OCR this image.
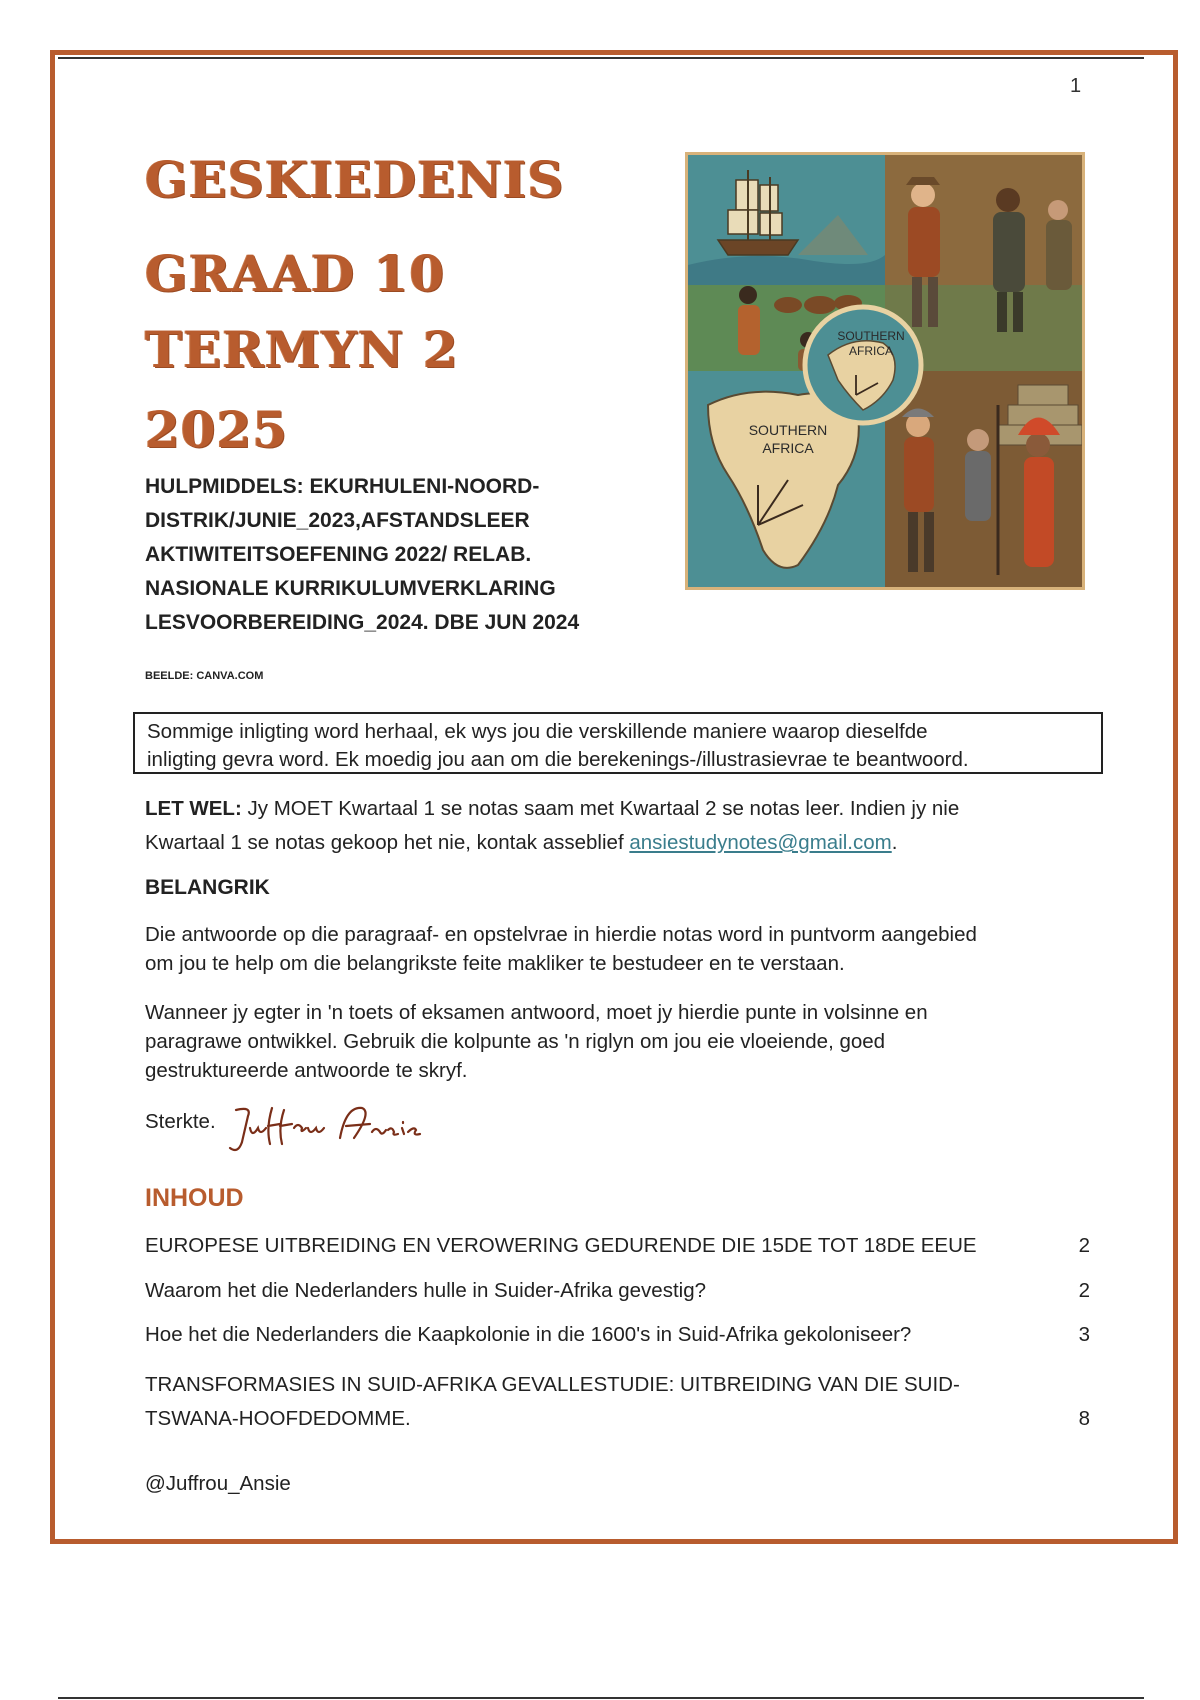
1
GESKIEDENIS
GRAAD 10
TERMYN 2
2025
HULPMIDDELS: EKURHULENI-NOORD-
DISTRIK/JUNIE_2023,AFSTANDSLEER
AKTIWITEITSOEFENING 2022/ RELAB.
NASIONALE KURRIKULUMVERKLARING
LESVOORBEREIDING_2024. DBE JUN 2024
BEELDE: CANVA.COM
SOUTHERN
AFRICA
SOUTHERN
AFRICA
Sommige inligting word herhaal, ek wys jou die verskillende maniere waarop dieselfde
inligting gevra word. Ek moedig jou aan om die berekenings-/illustrasievrae te beantwoord.
LET WEL: Jy MOET Kwartaal 1 se notas saam met Kwartaal 2 se notas leer. Indien jy nie
Kwartaal 1 se notas gekoop het nie, kontak asseblief ansiestudynotes@gmail.com.
BELANGRIK
Die antwoorde op die paragraaf- en opstelvrae in hierdie notas word in puntvorm aangebied
om jou te help om die belangrikste feite makliker te bestudeer en te verstaan.
Wanneer jy egter in 'n toets of eksamen antwoord, moet jy hierdie punte in volsinne en
paragrawe ontwikkel. Gebruik die kolpunte as 'n riglyn om jou eie vloeiende, goed
gestruktureerde antwoorde te skryf.
Sterkte.
INHOUD
EUROPESE UITBREIDING EN VEROWERING GEDURENDE DIE 15DE TOT 18DE EEUE	2
Waarom het die Nederlanders hulle in Suider-Afrika gevestig?	2
Hoe het die Nederlanders die Kaapkolonie in die 1600's in Suid-Afrika gekoloniseer?	3
TRANSFORMASIES IN SUID-AFRIKA GEVALLESTUDIE: UITBREIDING VAN DIE SUID-
TSWANA-HOOFDEDOMME.	8
@Juffrou_Ansie
